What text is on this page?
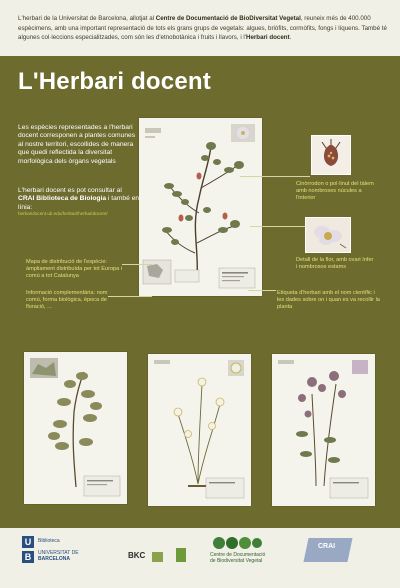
L'herbari de la Universitat de Barcelona, allotjat al Centre de Documentació de BioDiversitat Vegetal, reuneix més de 400.000 espècimens, amb una important representació de tots els grans grups de vegetals: algues, briòfits, cormòfits, fongs i líquens. També té algunes col·leccions especialitzades, com són les d'etnobotànica i fruits i llavors, i l'Herbari docent.

L'Herbari docent

Les espècies representades a l'herbari docent corresponen a plantes comunes al nostre territori, escollides de manera que quedi reflectida la diversitat morfològica dels òrgans vegetals

L'herbari docent es pot consultar al CRAI Biblioteca de Biologia i també en línia:

herbaridocent.ub.edu/herbari/herbaridocent/

Cinòrrodon o pol·linut del tàlem amb nombroses núcules a l'interior

Detall de la flor, amb ovari ínfer i nombrosos estams

Mapa de distribució de l'espècie: àmpliament distribuïda per tot Europa i comú a tot Catalunya

Informació complementària: nom comú, forma biològica, època de floració, ...

Etiqueta d'herbari amb el nom científic i les dades sobre on i quan es va recollir la planta

U
B

Biblioteca

UNIVERSITAT DE

BARCELONA	BKC	Centre de Documentació

de Biodiversitat Vegetal

CRAI
